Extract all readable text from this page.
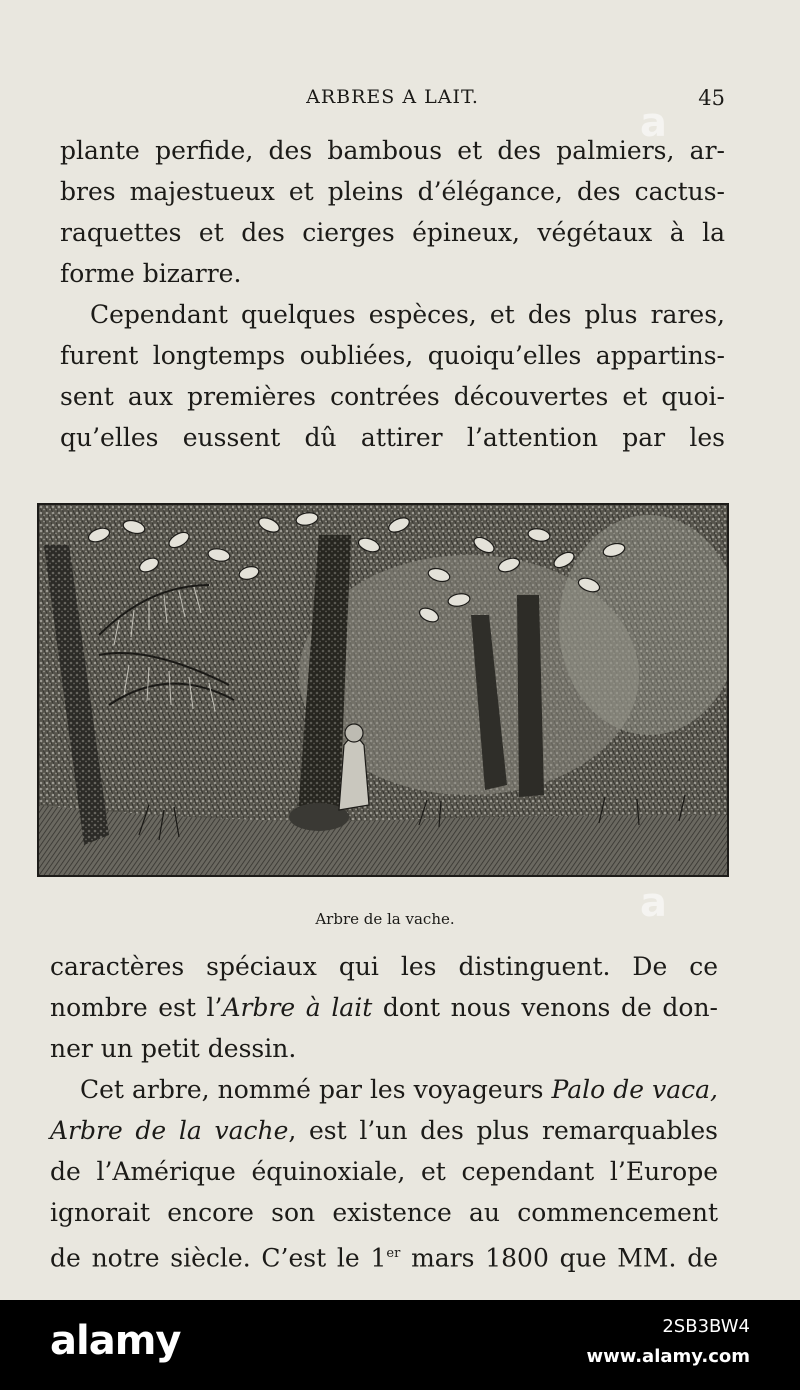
ARBRES A LAIT.	45

plante perfide, des bambous et des palmiers, ar-

bres majestueux et pleins d’élégance, des cactus-

raquettes et des cierges épineux, végétaux à la

forme bizarre.

Cependant quelques espèces, et des plus rares,

furent longtemps oubliées, quoiqu’elles appartins-

sent aux premières contrées découvertes et quoi-

qu’elles eussent dû attirer l’attention par les

Arbre de la vache.

caractères spéciaux qui les distinguent. De ce

nombre est l’Arbre à lait dont nous venons de don-

ner un petit dessin.

Cet arbre, nommé par les voyageurs Palo de vaca,

Arbre de la vache, est l’un des plus remarquables

de l’Amérique équinoxiale, et cependant l’Europe

ignorait encore son existence au commencement

de notre siècle. C’est le 1er mars 1800 que MM. de

a
a
alamy	2SB3BW4
www.alamy.com
